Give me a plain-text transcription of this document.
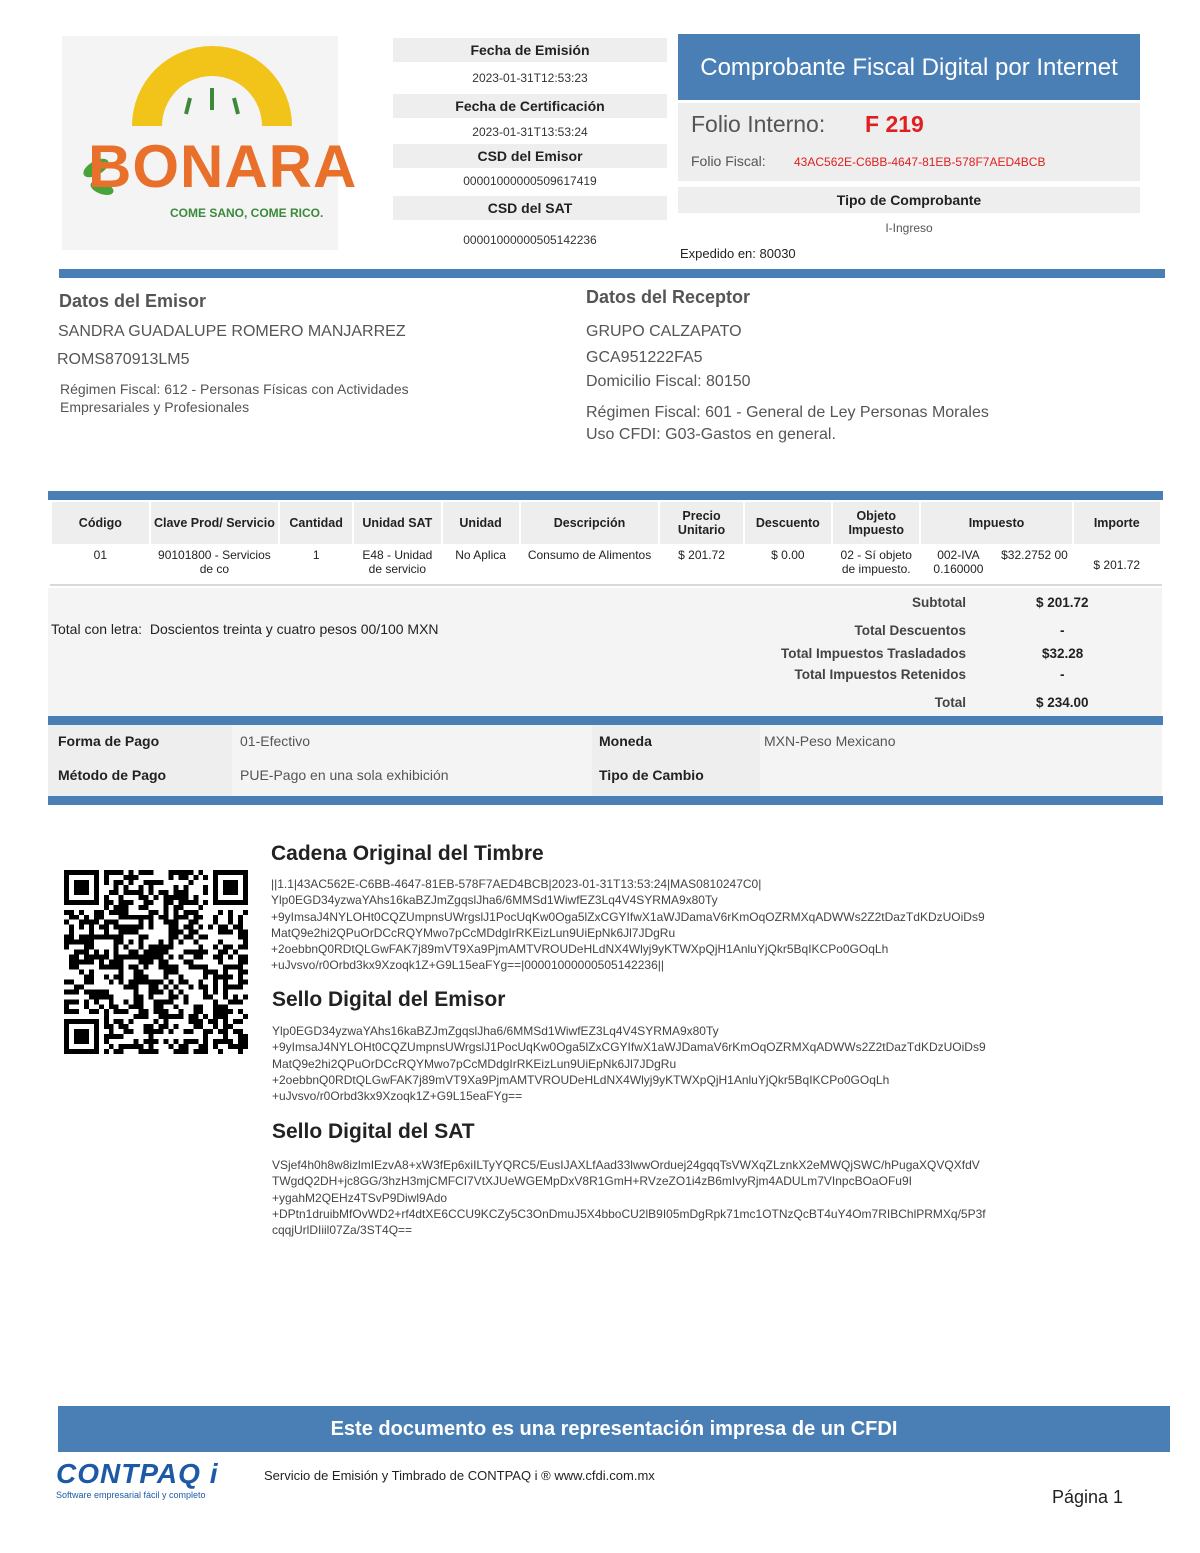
BONARA
COME SANO, COME RICO.
Fecha de Emisión
2023-01-31T12:53:23
Fecha de Certificación
2023-01-31T13:53:24
CSD del Emisor
00001000000509617419
CSD del SAT
00001000000505142236
Comprobante Fiscal Digital por Internet
Folio Interno: F 219
Folio Fiscal: 43AC562E-C6BB-4647-81EB-578F7AED4BCB
Tipo de Comprobante
I-Ingreso
Expedido en: 80030
Datos del Emisor
SANDRA GUADALUPE ROMERO MANJARREZ
ROMS870913LM5
Régimen Fiscal: 612 - Personas Físicas con Actividades
Empresariales y Profesionales
Datos del Receptor
GRUPO CALZAPATO
GCA951222FA5
Domicilio Fiscal: 80150
Régimen Fiscal: 601 - General de Ley Personas Morales
Uso CFDI: G03-Gastos en general.
Código	Clave Prod/ Servicio	Cantidad	Unidad SAT	Unidad	Descripción	Precio Unitario	Descuento	Objeto Impuesto	Impuesto		Importe
01	90101800 - Servicios de co	1	E48 - Unidad de servicio	No Aplica	Consumo de Alimentos	$ 201.72	$ 0.00	02 - Sí objeto de impuesto.	002-IVA 0.160000	$32.2752 00	$ 201.72
Total con letra: Doscientos treinta y cuatro pesos 00/100 MXN
Subtotal	$ 201.72
Total Descuentos	-
Total Impuestos Trasladados	$32.28
Total Impuestos Retenidos	-
Total	$ 234.00
Forma de Pago	01-Efectivo
Método de Pago	PUE-Pago en una sola exhibición
Moneda	MXN-Peso Mexicano
Tipo de Cambio
Cadena Original del Timbre
||1.1|43AC562E-C6BB-4647-81EB-578F7AED4BCB|2023-01-31T13:53:24|MAS0810247C0|
Ylp0EGD34yzwaYAhs16kaBZJmZgqslJha6/6MMSd1WiwfEZ3Lq4V4SYRMA9x80Ty
+9yImsaJ4NYLOHt0CQZUmpnsUWrgslJ1PocUqKw0Oga5lZxCGYIfwX1aWJDamaV6rKmOqOZRMXqADWWs2Z2tDazTdKDzUOiDs9
MatQ9e2hi2QPuOrDCcRQYMwo7pCcMDdgIrRKEizLun9UiEpNk6Jl7JDgRu
+2oebbnQ0RDtQLGwFAK7j89mVT9Xa9PjmAMTVROUDeHLdNX4Wlyj9yKTWXpQjH1AnluYjQkr5BqIKCPo0GOqLh
+uJvsvo/r0Orbd3kx9Xzoqk1Z+G9L15eaFYg==|00001000000505142236||
Sello Digital del Emisor
Ylp0EGD34yzwaYAhs16kaBZJmZgqslJha6/6MMSd1WiwfEZ3Lq4V4SYRMA9x80Ty
+9yImsaJ4NYLOHt0CQZUmpnsUWrgslJ1PocUqKw0Oga5lZxCGYIfwX1aWJDamaV6rKmOqOZRMXqADWWs2Z2tDazTdKDzUOiDs9
MatQ9e2hi2QPuOrDCcRQYMwo7pCcMDdgIrRKEizLun9UiEpNk6Jl7JDgRu
+2oebbnQ0RDtQLGwFAK7j89mVT9Xa9PjmAMTVROUDeHLdNX4Wlyj9yKTWXpQjH1AnluYjQkr5BqIKCPo0GOqLh
+uJvsvo/r0Orbd3kx9Xzoqk1Z+G9L15eaFYg==
Sello Digital del SAT
VSjef4h0h8w8izlmIEzvA8+xW3fEp6xiILTyYQRC5/EusIJAXLfAad33lwwOrduej24gqqTsVWXqZLznkX2eMWQjSWC/hPugaXQVQXfdV
TWgdQ2DH+jc8GG/3hzH3mjCMFCI7VtXJUeWGEMpDxV8R1GmH+RVzeZO1i4zB6mIvyRjm4ADULm7VInpcBOaOFu9I
+ygahM2QEHz4TSvP9Diwl9Ado
+DPtn1druibMfOvWD2+rf4dtXE6CCU9KCZy5C3OnDmuJ5X4bboCU2lB9I05mDgRpk71mc1OTNzQcBT4uY4Om7RIBChlPRMXq/5P3f
cqqjUrlDIiil07Za/3ST4Q==
Este documento es una representación impresa de un CFDI
CONTPAQ i
Software empresarial fácil y completo
Servicio de Emisión y Timbrado de CONTPAQ i ® www.cfdi.com.mx
Página 1
